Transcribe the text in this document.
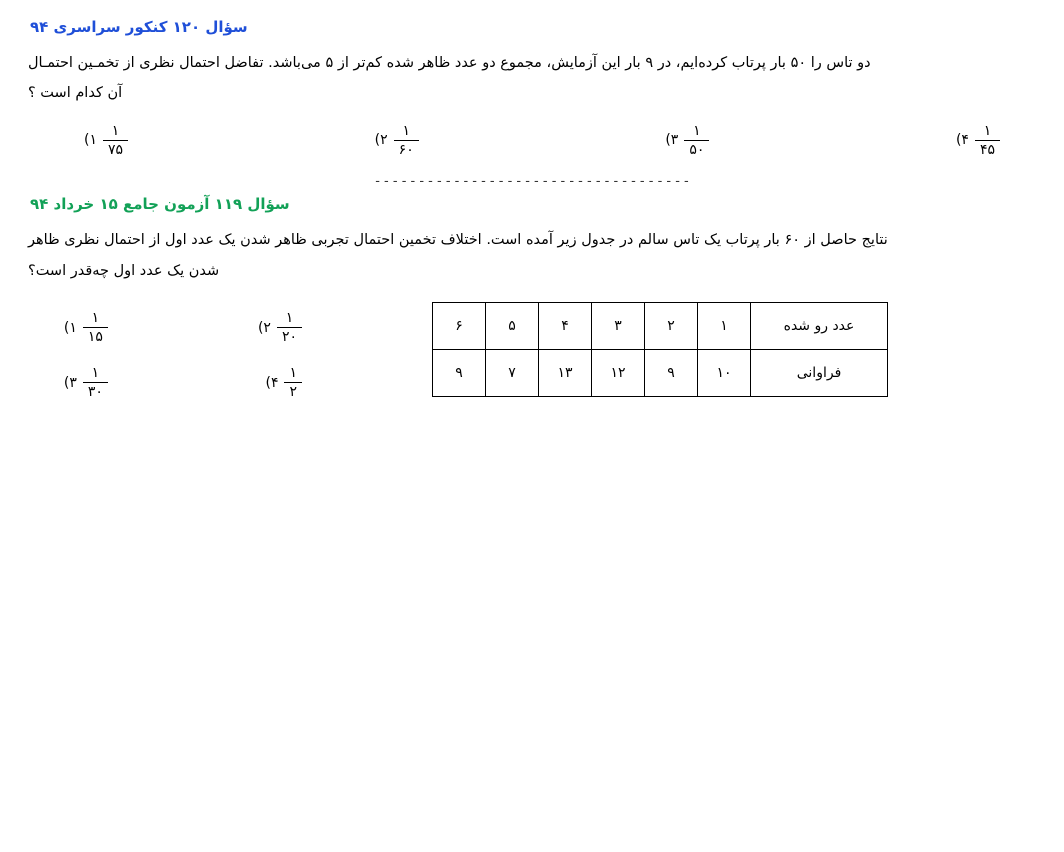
سؤال ۱۲۰ کنکور سراسری ۹۴
دو تاس را ۵۰ بار پرتاب کرده‌ایم، در ۹ بار این آزمایش، مجموع دو عدد ظاهر شده کم‌تر از ۵ می‌باشد. تفاضل احتمال نظری از تخمـین احتمـال
آن کدام است ؟
$\frac{۱}{۷۵}$
۱)	$\frac{۱}{۶۰}$
۲)	$\frac{۱}{۵۰}$
۳)	$\frac{۱}{۴۵}$
۴)
- - - - - - - - - - - - - - - - - - - - - - - - - - - - - - - - - - - -
سؤال ۱۱۹ آزمون جامع ۱۵ خرداد ۹۴
نتایج حاصل از ۶۰ بار پرتاب یک تاس سالم در جدول زیر آمده است. اختلاف تخمین احتمال تجربی ظاهر شدن یک عدد اول از احتمال نظری ظاهر
شدن یک عدد اول چه‌قدر است؟
عدد رو شده	۱	۲	۳	۴	۵	۶
فراوانی	۱۰	۹	۱۲	۱۳	۷	۹
$\frac{۱}{۲۰}$
۲)
$\frac{۱}{۱۵}$
۱)
$\frac{۱}{۲}$
۴)
$\frac{۱}{۳۰}$
۳)
